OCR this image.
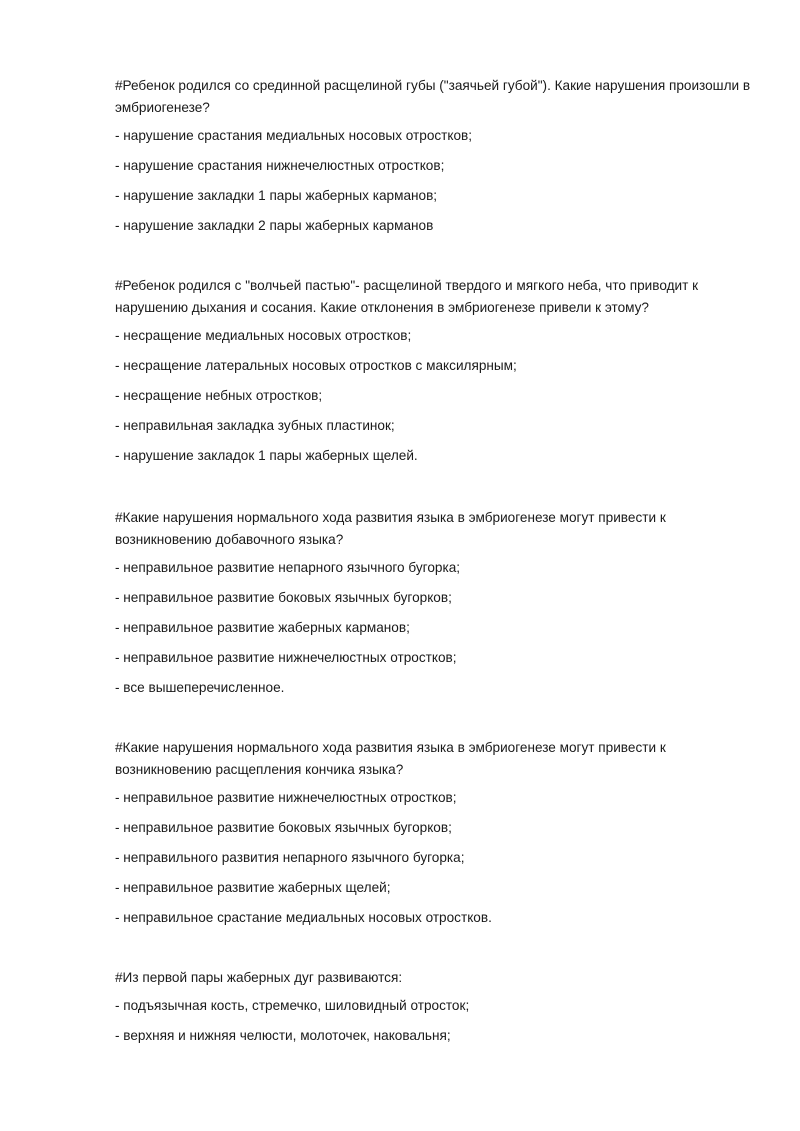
#Ребенок родился со срединной расщелиной губы ("заячьей губой"). Какие нарушения произошли в эмбриогенезе?

- нарушение срастания медиальных носовых отростков;

- нарушение срастания нижнечелюстных отростков;

- нарушение закладки 1 пары жаберных карманов;

- нарушение закладки 2 пары жаберных карманов

#Ребенок родился с "волчьей пастью"- расщелиной твердого и мягкого неба, что приводит к нарушению дыхания и сосания. Какие отклонения в эмбриогенезе привели к этому?

- несращение медиальных носовых отростков;

- несращение латеральных носовых отростков с максилярным;

- несращение небных отростков;

- неправильная закладка зубных пластинок;

- нарушение закладок 1 пары жаберных щелей.

#Какие нарушения нормального хода развития языка в эмбриогенезе могут привести к возникновению добавочного языка?

- неправильное развитие непарного язычного бугорка;

- неправильное развитие боковых язычных бугорков;

- неправильное развитие жаберных карманов;

- неправильное развитие нижнечелюстных отростков;

- все вышеперечисленное.

#Какие нарушения нормального хода развития языка в эмбриогенезе могут привести к возникновению расщепления кончика языка?

- неправильное развитие нижнечелюстных отростков;

- неправильное развитие боковых язычных бугорков;

- неправильного развития непарного язычного бугорка;

- неправильное развитие жаберных щелей;

- неправильное срастание медиальных носовых отростков.

#Из первой пары жаберных дуг развиваются:

- подъязычная кость, стремечко, шиловидный отросток;

- верхняя и нижняя челюсти, молоточек, наковальня;
